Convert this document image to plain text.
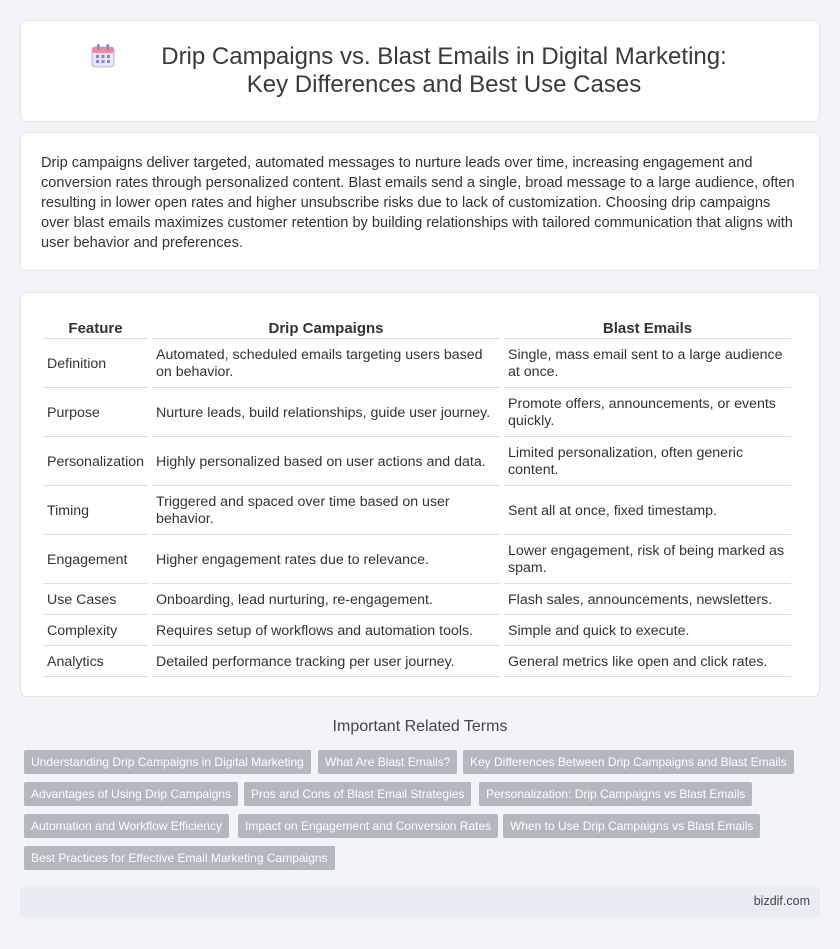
Drip Campaigns vs. Blast Emails in Digital Marketing: Key Differences and Best Use Cases

Drip campaigns deliver targeted, automated messages to nurture leads over time, increasing engagement and conversion rates through personalized content. Blast emails send a single, broad message to a large audience, often resulting in lower open rates and higher unsubscribe risks due to lack of customization. Choosing drip campaigns over blast emails maximizes customer retention by building relationships with tailored communication that aligns with user behavior and preferences.

Feature	Drip Campaigns	Blast Emails
Definition	Automated, scheduled emails targeting users based on behavior.	Single, mass email sent to a large audience at once.
Purpose	Nurture leads, build relationships, guide user journey.	Promote offers, announcements, or events quickly.
Personalization	Highly personalized based on user actions and data.	Limited personalization, often generic content.
Timing	Triggered and spaced over time based on user behavior.	Sent all at once, fixed timestamp.
Engagement	Higher engagement rates due to relevance.	Lower engagement, risk of being marked as spam.
Use Cases	Onboarding, lead nurturing, re-engagement.	Flash sales, announcements, newsletters.
Complexity	Requires setup of workflows and automation tools.	Simple and quick to execute.
Analytics	Detailed performance tracking per user journey.	General metrics like open and click rates.
Important Related Terms
Understanding Drip Campaigns in Digital Marketing	What Are Blast Emails?	Key Differences Between Drip Campaigns and Blast Emails
Advantages of Using Drip Campaigns	Pros and Cons of Blast Email Strategies	Personalization: Drip Campaigns vs Blast Emails
Automation and Workflow Efficiency	Impact on Engagement and Conversion Rates	When to Use Drip Campaigns vs Blast Emails
Best Practices for Effective Email Marketing Campaigns
bizdif.com
